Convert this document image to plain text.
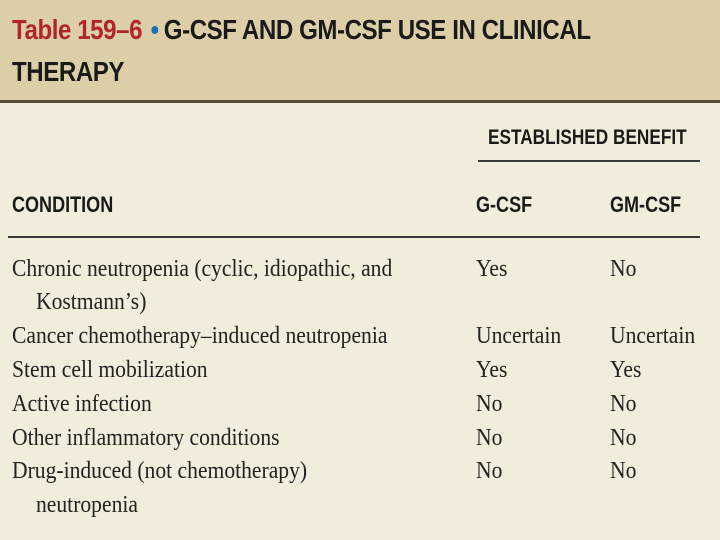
Table 159–6 • G-CSF AND GM-CSF USE IN CLINICAL
THERAPY
ESTABLISHED BENEFIT
CONDITION	G-CSF	GM-CSF
Chronic neutropenia (cyclic, idiopathic, and
Kostmann’s)
Yes	No
Cancer chemotherapy–induced neutropenia	Uncertain Uncertain
Stem cell mobilization	Yes	Yes
Active infection	No	No
Other inflammatory conditions	No	No
Drug-induced (not chemotherapy)
neutropenia
No	No
